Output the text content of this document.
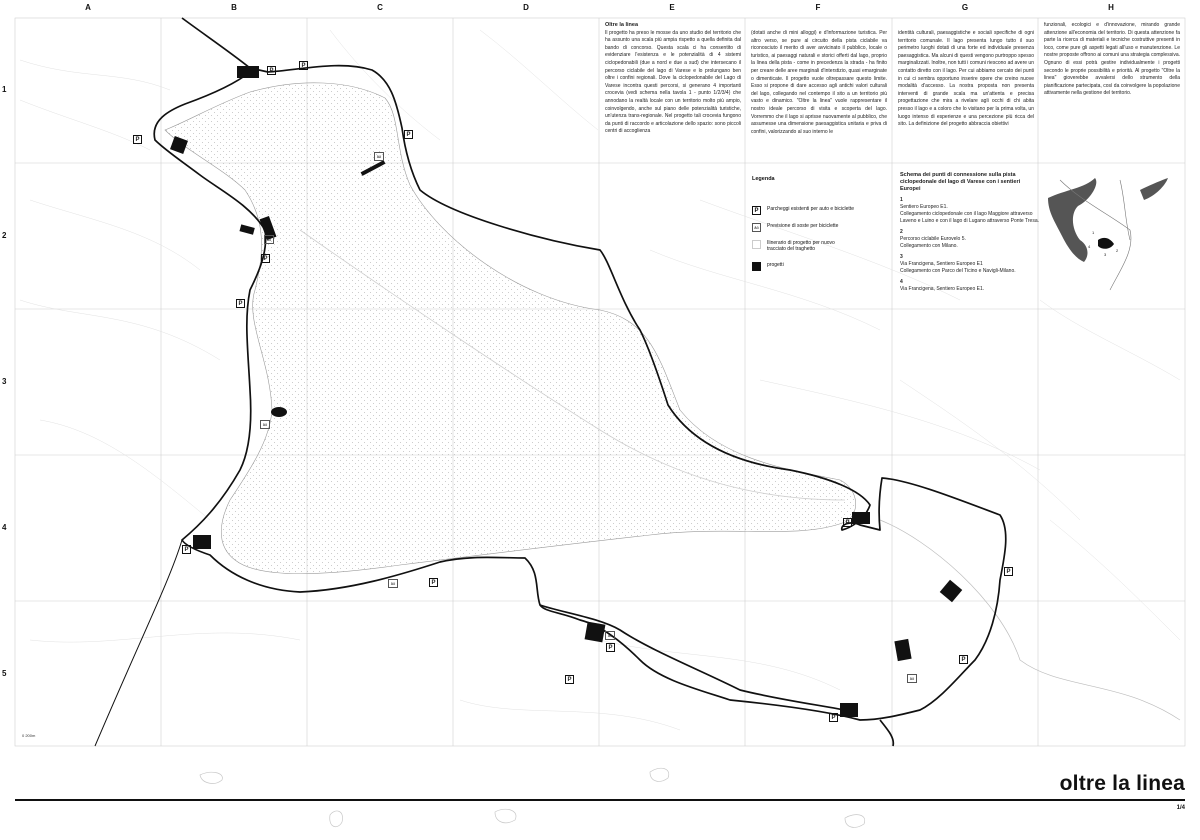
A	B	C	D	E	F	G	H
1
2
3
4
5
P
P
P
P
P
P
P
P
P
P
P
P
P
P
åõ
åõ
åõ
åõ
åõ
åõ
Oltre la linea
Il progetto ha preso le mosse da uno studio del territorio che ha assunto una scala più ampia rispetto a quella definita dal bando di concorso. Questa scala ci ha consentito di evidenziare l'esistenza e le potenzialità di 4 sistemi ciclopedonabili (due a nord e due a sud) che intersecano il percorso ciclabile del lago di Varese e lo prolungano ben oltre i confini regionali. Dove la ciclopedonabile del Lago di Varese incontra questi percorsi, si generano 4 importanti crocevia (vedi schema nella tavola 1 - punto 1/2/3/4) che annodano la realtà locale con un territorio molto più ampio, coinvolgendo, anche sul piano delle potenzialità turistiche, un'utenza trans-regionale. Nel progetto tali crocevia fungono da punti di raccordo e articolazione dello spazio: sono piccoli centri di accoglienza
(dotati anche di mini alloggi) e d'informazione turistica. Per altro verso, se pure al circuito della pista ciclabile va riconosciuto il merito di aver avvicinato il pubblico, locale o turistico, ai paesaggi naturali e storici offerti dal lago, proprio la linea della pista - come in precedenza la strada - ha finito per creare delle aree marginali d'interstizio, quasi emarginate o dimenticate. Il progetto vuole oltrepassare questo limite. Esso si propone di dare accesso agli antichi valori culturali del lago, collegando nel contempo il sito a un territorio più vasto e dinamico. "Oltre la linea" vuole rappresentare il nostro ideale percorso di visita e scoperta del lago. Vorremmo che il lago si aprisse nuovamente al pubblico, che assumesse una dimensione paesaggistica unitaria e priva di confini, valorizzando al suo interno le
identità culturali, paesaggistiche e sociali specifiche di ogni territorio comunale. Il lago presenta lungo tutto il suo perimetro luoghi dotati di una forte ed individuale presenza paesaggistica. Ma alcuni di questi vengono purtroppo spesso marginalizzati. Inoltre, non tutti i comuni riescono ad avere un contatto diretto con il lago. Per cui abbiamo cercato dei punti in cui ci sembra opportuno inserire opere che creino nuove modalità d'accesso. La nostra proposta non presenta interventi di grande scala ma un'attenta e precisa progettazione che mira a rivelare agli occhi di chi abita presso il lago e a coloro che lo visitano per la prima volta, un luogo intenso di esperienze e una percezione più ricca del sito. La definizione del progetto abbraccia obiettivi
funzionali, ecologici e d'innovazione, mirando grande attenzione all'economia del territorio. Di questa attenzione fa parte la ricerca di materiali e tecniche costruttive presenti in loco, come pure gli aspetti legati all'uso e manutenzione. Le nostre proposte offrono ai comuni una strategia complessiva. Ognuno di essi potrà gestire individualmente i progetti secondo le proprie possibilità e priorità. Al progetto "Oltre la linea" gioverebbe avvalersi dello strumento della pianificazione partecipata, così da coinvolgere la popolazione attivamente nella gestione del territorio.
Legenda
P	Parcheggi esistenti per auto e biciclette
åõ	Previsione di soste per biciclette
Ilinerario di progetto per nuovo tracciato del traghetto
progetti
Schema dei punti di connessione sulla pista ciclopedonale del lago di Varese con i sentieri Europei
1
Sentiero Europeo E1.
Collegamento ciclopedonale con il lago Maggiore attraverso Laveno e Luino e con il lago di Lugano attraverso Ponte Tresa.
2
Percorso ciclabile Eurovelo 5.
Collegamento con Milano.
3
Via Francigena, Sentiero Europeo E1
Collegamento con Parco del Ticino e Navigli-Milano.
4
Via Francigena, Sentiero Europeo E1.
1
2
3
4
0 200m
oltre la linea
1/4
